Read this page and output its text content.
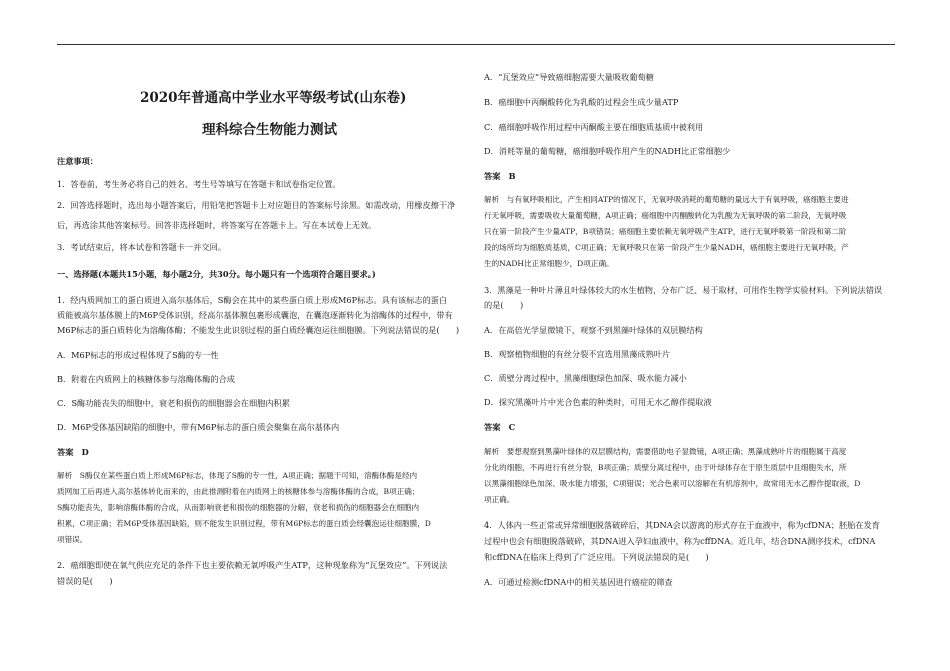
2020年普通高中学业水平等级考试(山东卷)
理科综合生物能力测试
注意事项：
1．答卷前，考生务必将自己的姓名、考生号等填写在答题卡和试卷指定位置。
2．回答选择题时，选出每小题答案后，用铅笔把答题卡上对应题目的答案标号涂黑。如需改动，用橡皮擦干净
后，再选涂其他答案标号。回答非选择题时，将答案写在答题卡上。写在本试卷上无效。
3．考试结束后，将本试卷和答题卡一并交回。
一、选择题(本题共15小题，每小题2分，共30分。每小题只有一个选项符合题目要求。)
1．经内质网加工的蛋白质进入高尔基体后，S酶会在其中的某些蛋白质上形成M6P标志。具有该标志的蛋白
质能被高尔基体膜上的M6P受体识别，经高尔基体膜包裹形成囊泡，在囊泡逐渐转化为溶酶体的过程中，带有
M6P标志的蛋白质转化为溶酶体酶；不能发生此识别过程的蛋白质经囊泡运往细胞膜。下列说法错误的是(　　)
A．M6P标志的形成过程体现了S酶的专一性
B．附着在内质网上的核糖体参与溶酶体酶的合成
C．S酶功能丧失的细胞中，衰老和损伤的细胞器会在细胞内积累
D．M6P受体基因缺陷的细胞中，带有M6P标志的蛋白质会聚集在高尔基体内
答案　D
解析　S酶仅在某些蛋白质上形成M6P标志，体现了S酶的专一性，A项正确；据题干可知，溶酶体酶是经内
质网加工后再进入高尔基体转化而来的，由此推测附着在内质网上的核糖体参与溶酶体酶的合成，B项正确；
S酶功能丧失，影响溶酶体酶的合成，从而影响衰老和损伤的细胞器的分解，衰老和损伤的细胞器会在细胞内
积累，C项正确；若M6P受体基因缺陷，则不能发生识别过程，带有M6P标志的蛋白质会经囊泡运往细胞膜，D
项错误。
2．癌细胞即使在氧气供应充足的条件下也主要依赖无氧呼吸产生ATP，这种现象称为“瓦堡效应”。下列说法
错误的是(　　)
A．“瓦堡效应”导致癌细胞需要大量吸收葡萄糖
B．癌细胞中丙酮酸转化为乳酸的过程会生成少量ATP
C．癌细胞呼吸作用过程中丙酮酸主要在细胞质基质中被利用
D．消耗等量的葡萄糖，癌细胞呼吸作用产生的NADH比正常细胞少
答案　B
解析　与有氧呼吸相比，产生相同ATP的情况下，无氧呼吸消耗的葡萄糖的量远大于有氧呼吸，癌细胞主要进
行无氧呼吸，需要吸收大量葡萄糖，A项正确；癌细胞中丙酮酸转化为乳酸为无氧呼吸的第二阶段，无氧呼吸
只在第一阶段产生少量ATP，B项错误；癌细胞主要依赖无氧呼吸产生ATP，进行无氧呼吸第一阶段和第二阶
段的场所均为细胞质基质，C项正确；无氧呼吸只在第一阶段产生少量NADH，癌细胞主要进行无氧呼吸，产
生的NADH比正常细胞少，D项正确。
3．黑藻是一种叶片薄且叶绿体较大的水生植物，分布广泛、易于取材，可用作生物学实验材料。下列说法错误
的是(　　)
A．在高倍光学显微镜下，观察不到黑藻叶绿体的双层膜结构
B．观察植物细胞的有丝分裂不宜选用黑藻成熟叶片
C．质壁分离过程中，黑藻细胞绿色加深、吸水能力减小
D．探究黑藻叶片中光合色素的种类时，可用无水乙醇作提取液
答案　C
解析　要想观察到黑藻叶绿体的双层膜结构，需要借助电子显微镜，A项正确；黑藻成熟叶片的细胞属于高度
分化的细胞，不再进行有丝分裂，B项正确；质壁分离过程中，由于叶绿体存在于原生质层中且细胞失水，所
以黑藻细胞绿色加深、吸水能力增强，C项错误；光合色素可以溶解在有机溶剂中，故常用无水乙醇作提取液，D
项正确。
4．人体内一些正常或异常细胞脱落破碎后，其DNA会以游离的形式存在于血液中，称为cfDNA；胚胎在发育
过程中也会有细胞脱落破碎，其DNA进入孕妇血液中，称为cffDNA。近几年，结合DNA测序技术，cfDNA
和cffDNA在临床上得到了广泛应用。下列说法错误的是(　　)
A．可通过检测cfDNA中的相关基因进行癌症的筛查
